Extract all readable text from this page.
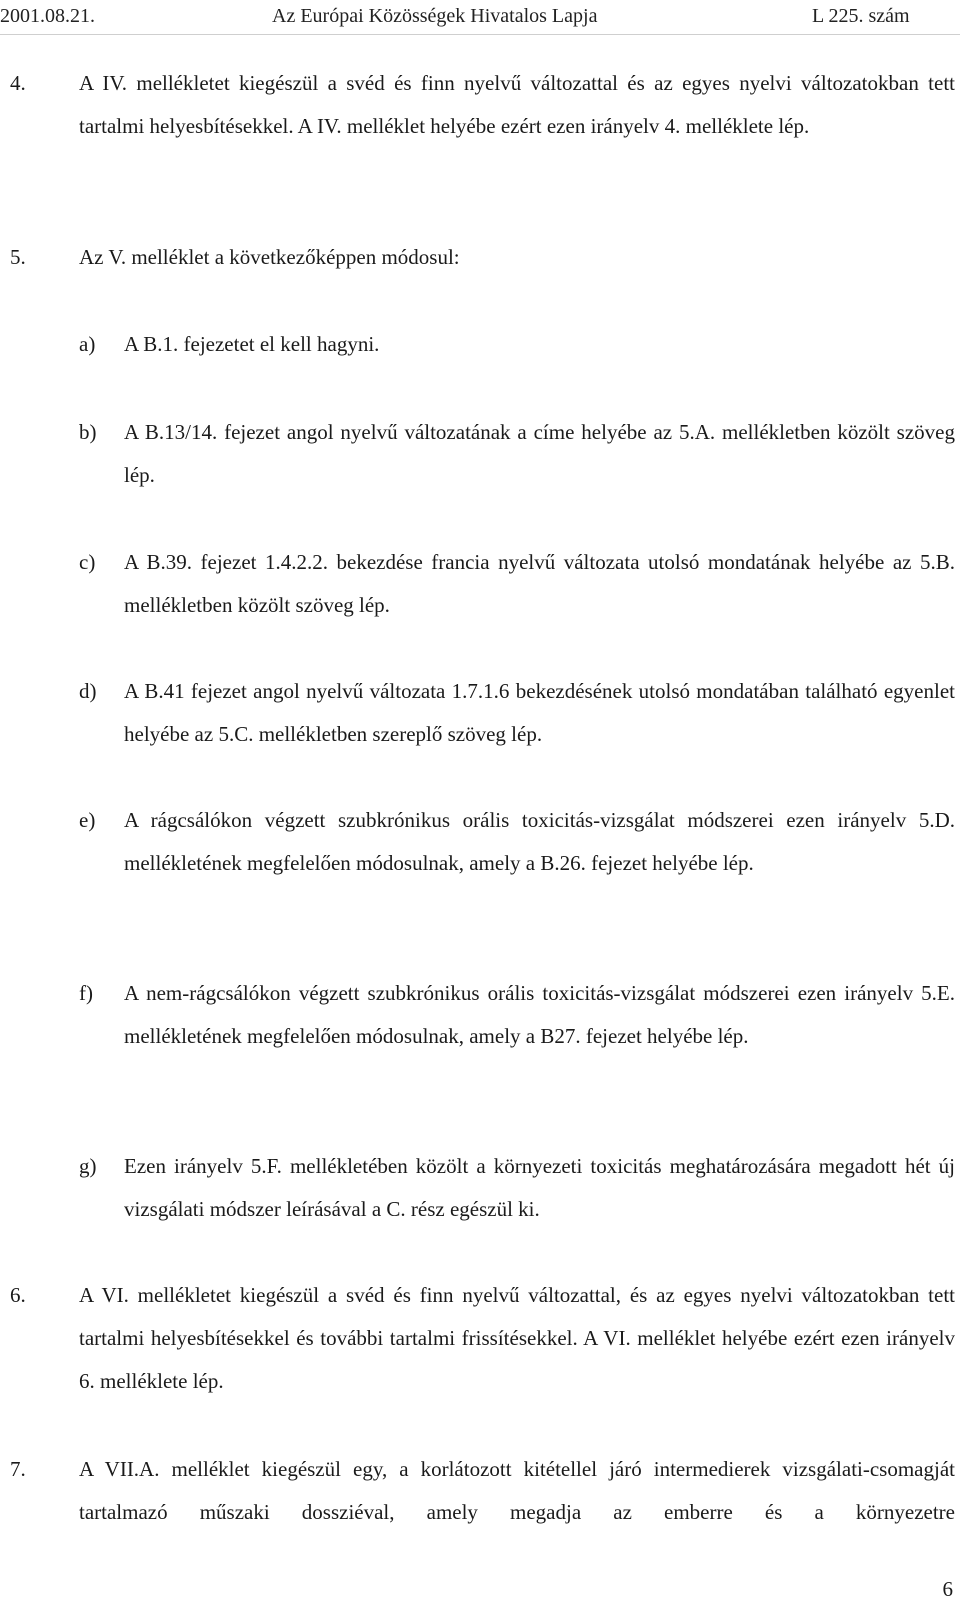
2001.08.21.	Az Európai Közösségek Hivatalos Lapja	L 225. szám
4.	A IV. mellékletet kiegészül a svéd és finn nyelvű változattal és az egyes nyelvi változatokban tett tartalmi helyesbítésekkel. A IV. melléklet helyébe ezért ezen irányelv 4. melléklete lép.
5.	Az V. melléklet a következőképpen módosul:
a) A B.1. fejezetet el kell hagyni.
b) A B.13/14. fejezet angol nyelvű változatának a címe helyébe az 5.A. mellékletben közölt szöveg lép.
c) A B.39. fejezet 1.4.2.2. bekezdése francia nyelvű változata utolsó mondatának helyébe az 5.B. mellékletben közölt szöveg lép.
d) A B.41 fejezet angol nyelvű változata 1.7.1.6 bekezdésének utolsó mondatában található egyenlet helyébe az 5.C. mellékletben szereplő szöveg lép.
e) A rágcsálókon végzett szubkrónikus orális toxicitás-vizsgálat módszerei ezen irányelv 5.D. mellékletének megfelelően módosulnak, amely a B.26. fejezet helyébe lép.
f) A nem-rágcsálókon végzett szubkrónikus orális toxicitás-vizsgálat módszerei ezen irányelv 5.E. mellékletének megfelelően módosulnak, amely a B27. fejezet helyébe lép.
g) Ezen irányelv 5.F. mellékletében közölt a környezeti toxicitás meghatározására megadott hét új vizsgálati módszer leírásával a C. rész egészül ki.
6.	A VI. mellékletet kiegészül a svéd és finn nyelvű változattal, és az egyes nyelvi változatokban tett tartalmi helyesbítésekkel és további tartalmi frissítésekkel. A VI. melléklet helyébe ezért ezen irányelv 6. melléklete lép.
7.	A VII.A. melléklet kiegészül egy, a korlátozott kitétellel járó intermedierek vizsgálati-csomagját tartalmazó műszaki dossziéval, amely megadja az emberre és a környezetre
6
